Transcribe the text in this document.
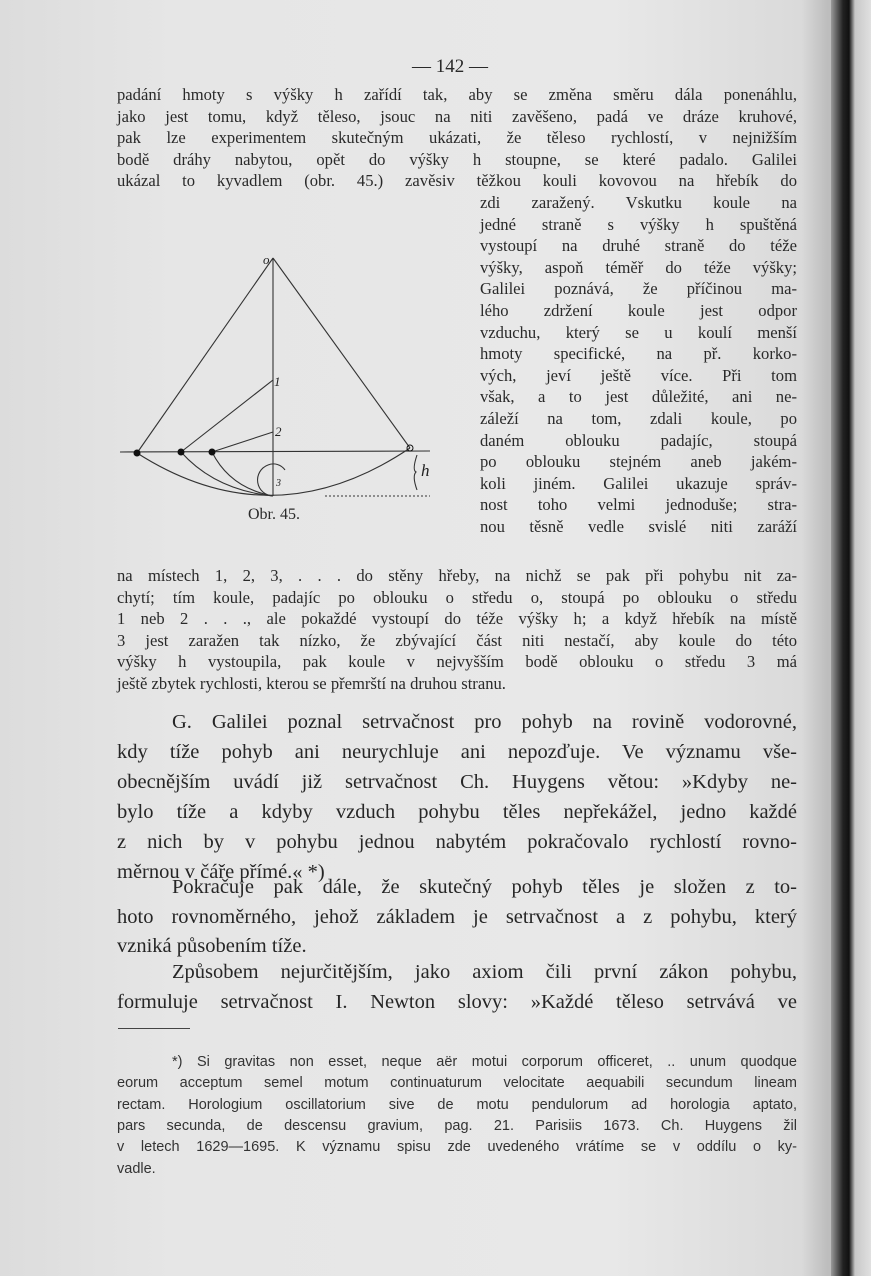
— 142 —
padání hmoty s výšky h zařídí tak, aby se změna směru dála ponenáhlu,
jako jest tomu, když těleso, jsouc na niti zavěšeno, padá ve dráze kruhové,
pak lze experimentem skutečným ukázati, že těleso rychlostí, v nejnižším
bodě dráhy nabytou, opět do výšky h stoupne, se které padalo. Galilei
ukázal to kyvadlem (obr. 45.) zavěsiv těžkou kouli kovovou na hřebík do
zdi zaražený. Vskutku koule na
jedné straně s výšky h spuštěná
vystoupí na druhé straně do téže
výšky, aspoň téměř do téže výšky;
Galilei poznává, že příčinou ma-
lého zdržení koule jest odpor
vzduchu, který se u koulí menší
hmoty specifické, na př. korko-
vých, jeví ještě více. Při tom
však, a to jest důležité, ani ne-
záleží na tom, zdali koule, po
daném oblouku padajíc, stoupá
po oblouku stejném aneb jakém-
koli jiném. Galilei ukazuje správ-
nost toho velmi jednoduše; stra-
nou těsně vedle svislé niti zaráží
na místech 1, 2, 3, . . . do stěny hřeby, na nichž se pak při pohybu nit za-
chytí; tím koule, padajíc po oblouku o středu o, stoupá po oblouku o středu
1 neb 2 . . ., ale pokaždé vystoupí do téže výšky h; a když hřebík na místě
3 jest zaražen tak nízko, že zbývající část niti nestačí, aby koule do této
výšky h vystoupila, pak koule v nejvyšším bodě oblouku o středu 3 má
ještě zbytek rychlosti, kterou se přemrští na druhou stranu.
G. Galilei poznal setrvačnost pro pohyb na rovině vodorovné,
kdy tíže pohyb ani neurychluje ani nepozďuje. Ve významu vše-
obecnějším uvádí již setrvačnost Ch. Huygens větou: »Kdyby ne-
bylo tíže a kdyby vzduch pohybu těles nepřekážel, jedno každé
z nich by v pohybu jednou nabytém pokračovalo rychlostí rovno-
měrnou v čáře přímé.« *)
Pokračuje pak dále, že skutečný pohyb těles je složen z to-
hoto rovnoměrného, jehož základem je setrvačnost a z pohybu, který
vzniká působením tíže.
Způsobem nejurčitějším, jako axiom čili první zákon pohybu,
formuluje setrvačnost I. Newton slovy: »Každé těleso setrvává ve
*) Si gravitas non esset, neque aër motui corporum officeret, .. unum quodque
eorum acceptum semel motum continuaturum velocitate aequabili secundum lineam
rectam. Horologium oscillatorium sive de motu pendulorum ad horologia aptato,
pars secunda, de descensu gravium, pag. 21. Parisiis 1673. Ch. Huygens žil
v letech 1629—1695. K významu spisu zde uvedeného vrátíme se v oddílu o ky-
vadle.
o
1
2
3
h
Obr. 45.
